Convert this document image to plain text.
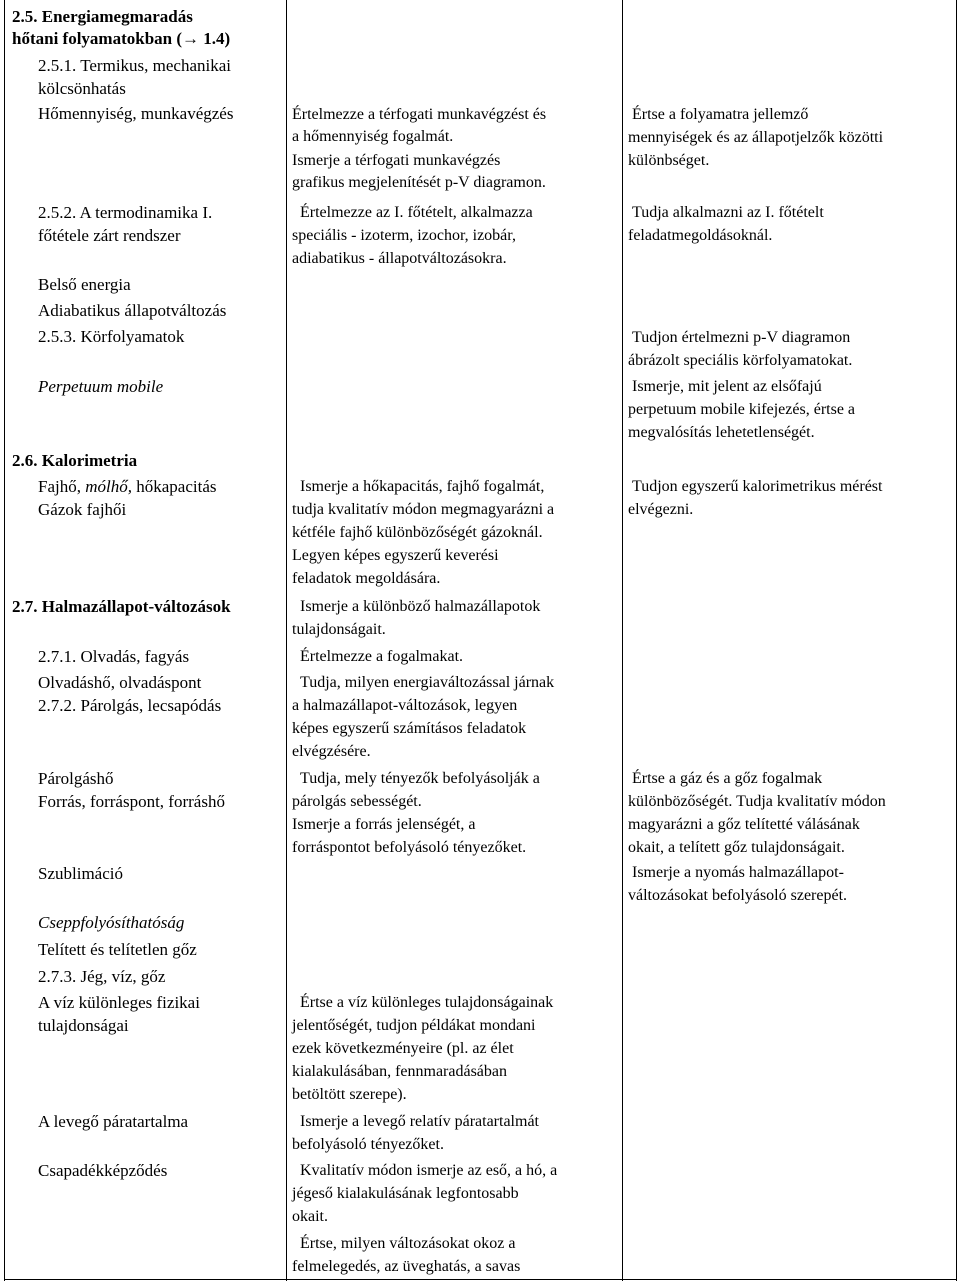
2.5. Energiamegmaradás
hőtani folyamatokban (→ 1.4)
2.5.1. Termikus, mechanikai
kölcsönhatás
Hőmennyiség, munkavégzés
2.5.2. A termodinamika I.
főtétele zárt rendszer
Belső energia
Adiabatikus állapotváltozás
2.5.3. Körfolyamatok
Perpetuum mobile
2.6. Kalorimetria
Fajhő, mólhő, hőkapacitás
Gázok fajhői
2.7. Halmazállapot-változások
2.7.1. Olvadás, fagyás
Olvadáshő, olvadáspont
2.7.2. Párolgás, lecsapódás
Párolgáshő
Forrás, forráspont, forráshő
Szublimáció
Cseppfolyósíthatóság
Telített és telítetlen gőz
2.7.3. Jég, víz, gőz
A víz különleges fizikai
tulajdonságai
A levegő páratartalma
Csapadékképződés
Értelmezze a térfogati munkavégzést és
a hőmennyiség fogalmát.
Ismerje a térfogati munkavégzés
grafikus megjelenítését p-V diagramon.
Értelmezze az I. főtételt, alkalmazza
speciális - izoterm, izochor, izobár,
adiabatikus - állapotváltozásokra.
Ismerje a hőkapacitás, fajhő fogalmát,
tudja kvalitatív módon megmagyarázni a
kétféle fajhő különbözőségét gázoknál.
Legyen képes egyszerű keverési
feladatok megoldására.
Ismerje a különböző halmazállapotok
tulajdonságait.
Értelmezze a fogalmakat.
Tudja, milyen energiaváltozással járnak
a halmazállapot-változások, legyen
képes egyszerű számításos feladatok
elvégzésére.
Tudja, mely tényezők befolyásolják a
párolgás sebességét.
Ismerje a forrás jelenségét, a
forráspontot befolyásoló tényezőket.
Értse a víz különleges tulajdonságainak
jelentőségét, tudjon példákat mondani
ezek következményeire (pl. az élet
kialakulásában, fennmaradásában
betöltött szerepe).
Ismerje a levegő relatív páratartalmát
befolyásoló tényezőket.
Kvalitatív módon ismerje az eső, a hó, a
jégeső kialakulásának legfontosabb
okait.
Értse, milyen változásokat okoz a
felmelegedés, az üveghatás, a savas
Értse a folyamatra jellemző
mennyiségek és az állapotjelzők közötti
különbséget.
Tudja alkalmazni az I. főtételt
feladatmegoldásoknál.
Tudjon értelmezni p-V diagramon
ábrázolt speciális körfolyamatokat.
Ismerje, mit jelent az elsőfajú
perpetuum mobile kifejezés, értse a
megvalósítás lehetetlenségét.
Tudjon egyszerű kalorimetrikus mérést
elvégezni.
Értse a gáz és a gőz fogalmak
különbözőségét. Tudja kvalitatív módon
magyarázni a gőz telítetté válásának
okait, a telített gőz tulajdonságait.
Ismerje a nyomás halmazállapot-
változásokat befolyásoló szerepét.
